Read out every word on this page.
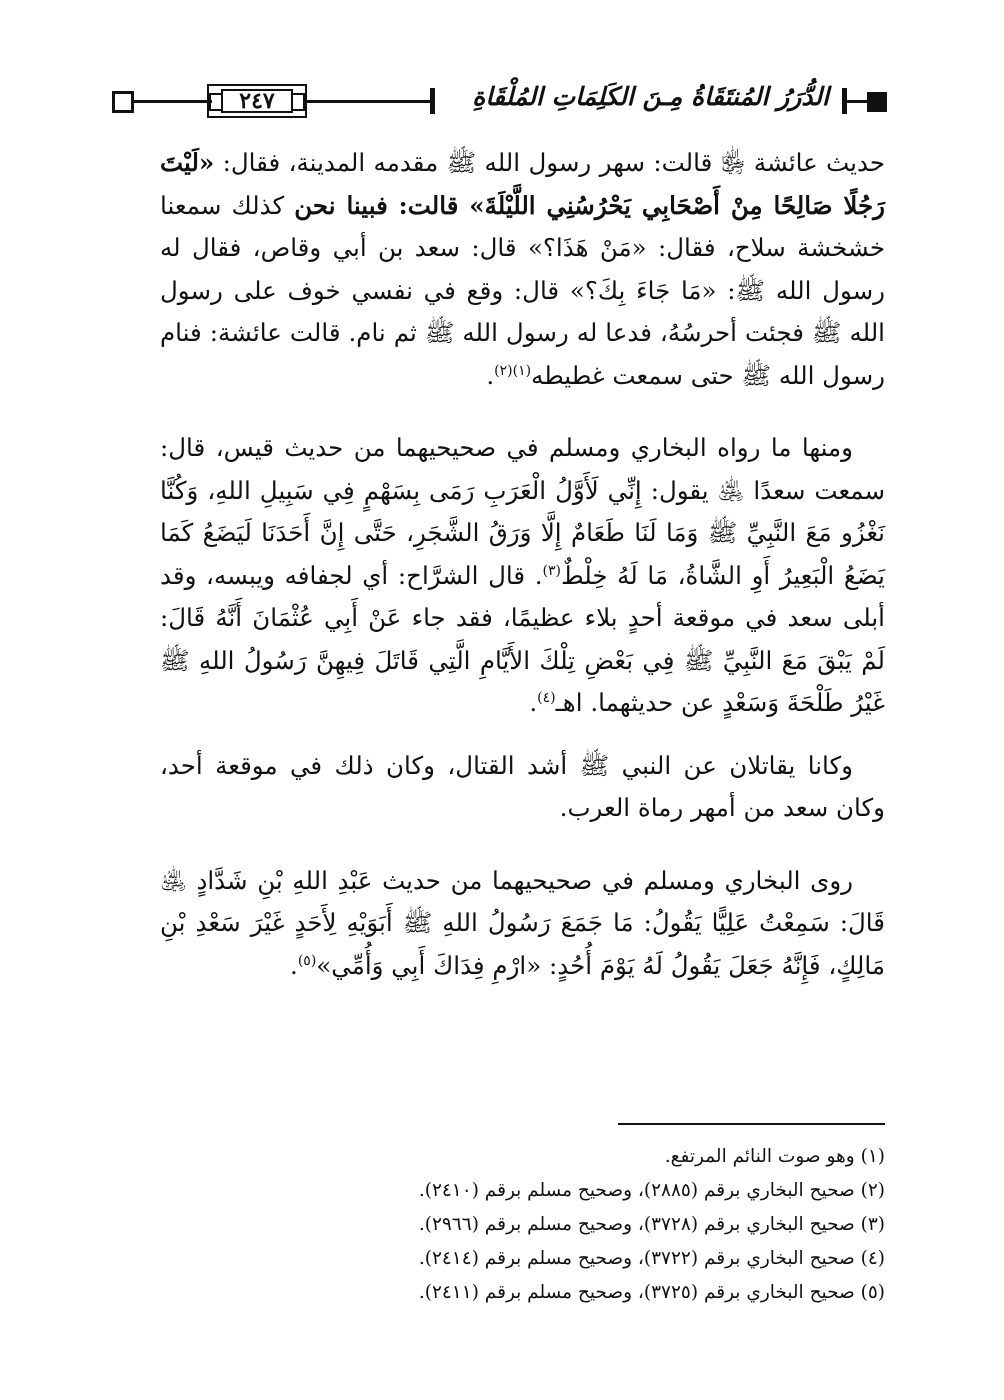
٢٤٧	الدُّرَرُ المُنتَقَاةُ مِـنَ الكَلِمَاتِ المُلْقَاةِ

حديث عائشة ﵂ قالت: سهر رسول الله ﷺ مقدمه المدينة، فقال: «لَيْتَ رَجُلًا صَالِحًا مِنْ أَصْحَابِي يَحْرُسُنِي اللَّيْلَةَ» قالت: فبينا نحن كذلك سمعنا خشخشة سلاح، فقال: «مَنْ هَذَا؟» قال: سعد بن أبي وقاص، فقال له رسول الله ﷺ: «مَا جَاءَ بِكَ؟» قال: وقع في نفسي خوف على رسول الله ﷺ فجئت أحرسُهُ، فدعا له رسول الله ﷺ ثم نام. قالت عائشة: فنام رسول الله ﷺ حتى سمعت غطيطه$^{(١)(٢)}$.

ومنها ما رواه البخاري ومسلم في صحيحيهما من حديث قيس، قال: سمعت سعدًا ﵁ يقول: إِنِّي لَأَوَّلُ الْعَرَبِ رَمَى بِسَهْمٍ فِي سَبِيلِ اللهِ، وَكُنَّا نَغْزُو مَعَ النَّبِيِّ ﷺ وَمَا لَنَا طَعَامٌ إِلَّا وَرَقُ الشَّجَرِ، حَتَّى إِنَّ أَحَدَنَا لَيَضَعُ كَمَا يَضَعُ الْبَعِيرُ أَوِ الشَّاةُ، مَا لَهُ خِلْطٌ$^{(٣)}$. قال الشرَّاح: أي لجفافه ويبسه، وقد أبلى سعد في موقعة أحدٍ بلاء عظيمًا، فقد جاء عَنْ أَبِي عُثْمَانَ أَنَّهُ قَالَ: لَمْ يَبْقَ مَعَ النَّبِيِّ ﷺ فِي بَعْضِ تِلْكَ الأَيَّامِ الَّتِي قَاتَلَ فِيهِنَّ رَسُولُ اللهِ ﷺ غَيْرُ طَلْحَةَ وَسَعْدٍ عن حديثهما. اهـ$^{(٤)}$.

وكانا يقاتلان عن النبي ﷺ أشد القتال، وكان ذلك في موقعة أحد، وكان سعد من أمهر رماة العرب.

روى البخاري ومسلم في صحيحيهما من حديث عَبْدِ اللهِ بْنِ شَدَّادٍ ﵁ قَالَ: سَمِعْتُ عَلِيًّا يَقُولُ: مَا جَمَعَ رَسُولُ اللهِ ﷺ أَبَوَيْهِ لِأَحَدٍ غَيْرَ سَعْدِ بْنِ مَالِكٍ، فَإِنَّهُ جَعَلَ يَقُولُ لَهُ يَوْمَ أُحُدٍ: «ارْمِ فِدَاكَ أَبِي وَأُمِّي»$^{(٥)}$.

(١) وهو صوت النائم المرتفع.

(٢) صحيح البخاري برقم (٢٨٨٥)، وصحيح مسلم برقم (٢٤١٠).

(٣) صحيح البخاري برقم (٣٧٢٨)، وصحيح مسلم برقم (٢٩٦٦).

(٤) صحيح البخاري برقم (٣٧٢٢)، وصحيح مسلم برقم (٢٤١٤).

(٥) صحيح البخاري برقم (٣٧٢٥)، وصحيح مسلم برقم (٢٤١١).
